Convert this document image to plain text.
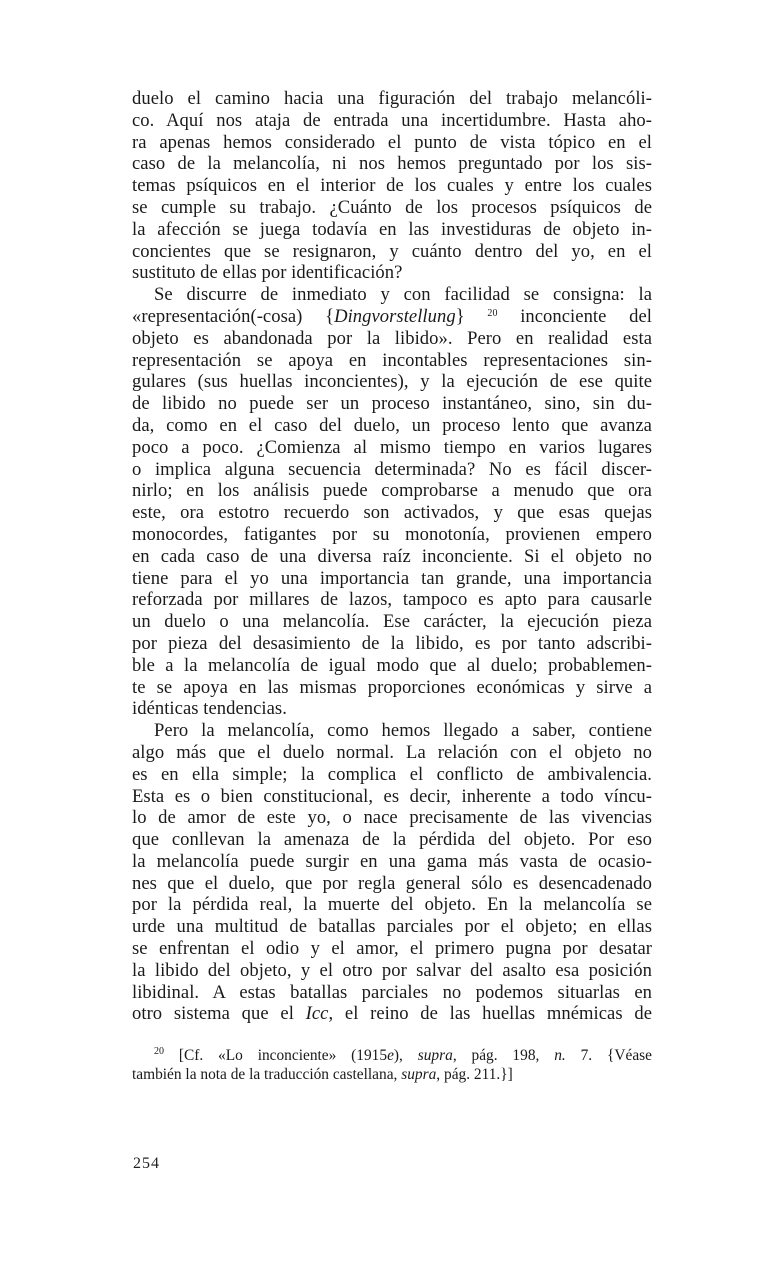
duelo el camino hacia una figuración del trabajo melancóli-
co. Aquí nos ataja de entrada una incertidumbre. Hasta aho-
ra apenas hemos considerado el punto de vista tópico en el
caso de la melancolía, ni nos hemos preguntado por los sis-
temas psíquicos en el interior de los cuales y entre los cuales
se cumple su trabajo. ¿Cuánto de los procesos psíquicos de
la afección se juega todavía en las investiduras de objeto in-
concientes que se resignaron, y cuánto dentro del yo, en el
sustituto de ellas por identificación?
Se discurre de inmediato y con facilidad se consigna: la
«representación(-cosa) {Dingvorstellung} $^{20}$ inconciente del
objeto es abandonada por la libido». Pero en realidad esta
representación se apoya en incontables representaciones sin-
gulares (sus huellas inconcientes), y la ejecución de ese quite
de libido no puede ser un proceso instantáneo, sino, sin du-
da, como en el caso del duelo, un proceso lento que avanza
poco a poco. ¿Comienza al mismo tiempo en varios lugares
o implica alguna secuencia determinada? No es fácil discer-
nirlo; en los análisis puede comprobarse a menudo que ora
este, ora estotro recuerdo son activados, y que esas quejas
monocordes, fatigantes por su monotonía, provienen empero
en cada caso de una diversa raíz inconciente. Si el objeto no
tiene para el yo una importancia tan grande, una importancia
reforzada por millares de lazos, tampoco es apto para causarle
un duelo o una melancolía. Ese carácter, la ejecución pieza
por pieza del desasimiento de la libido, es por tanto adscribi-
ble a la melancolía de igual modo que al duelo; probablemen-
te se apoya en las mismas proporciones económicas y sirve a
idénticas tendencias.
Pero la melancolía, como hemos llegado a saber, contiene
algo más que el duelo normal. La relación con el objeto no
es en ella simple; la complica el conflicto de ambivalencia.
Esta es o bien constitucional, es decir, inherente a todo víncu-
lo de amor de este yo, o nace precisamente de las vivencias
que conllevan la amenaza de la pérdida del objeto. Por eso
la melancolía puede surgir en una gama más vasta de ocasio-
nes que el duelo, que por regla general sólo es desencadenado
por la pérdida real, la muerte del objeto. En la melancolía se
urde una multitud de batallas parciales por el objeto; en ellas
se enfrentan el odio y el amor, el primero pugna por desatar
la libido del objeto, y el otro por salvar del asalto esa posición
libidinal. A estas batallas parciales no podemos situarlas en
otro sistema que el Icc, el reino de las huellas mnémicas de
$^{20}$ [Cf. «Lo inconciente» (1915e), supra, pág. 198, n. 7. {Véase
también la nota de la traducción castellana, supra, pág. 211.}]
254
